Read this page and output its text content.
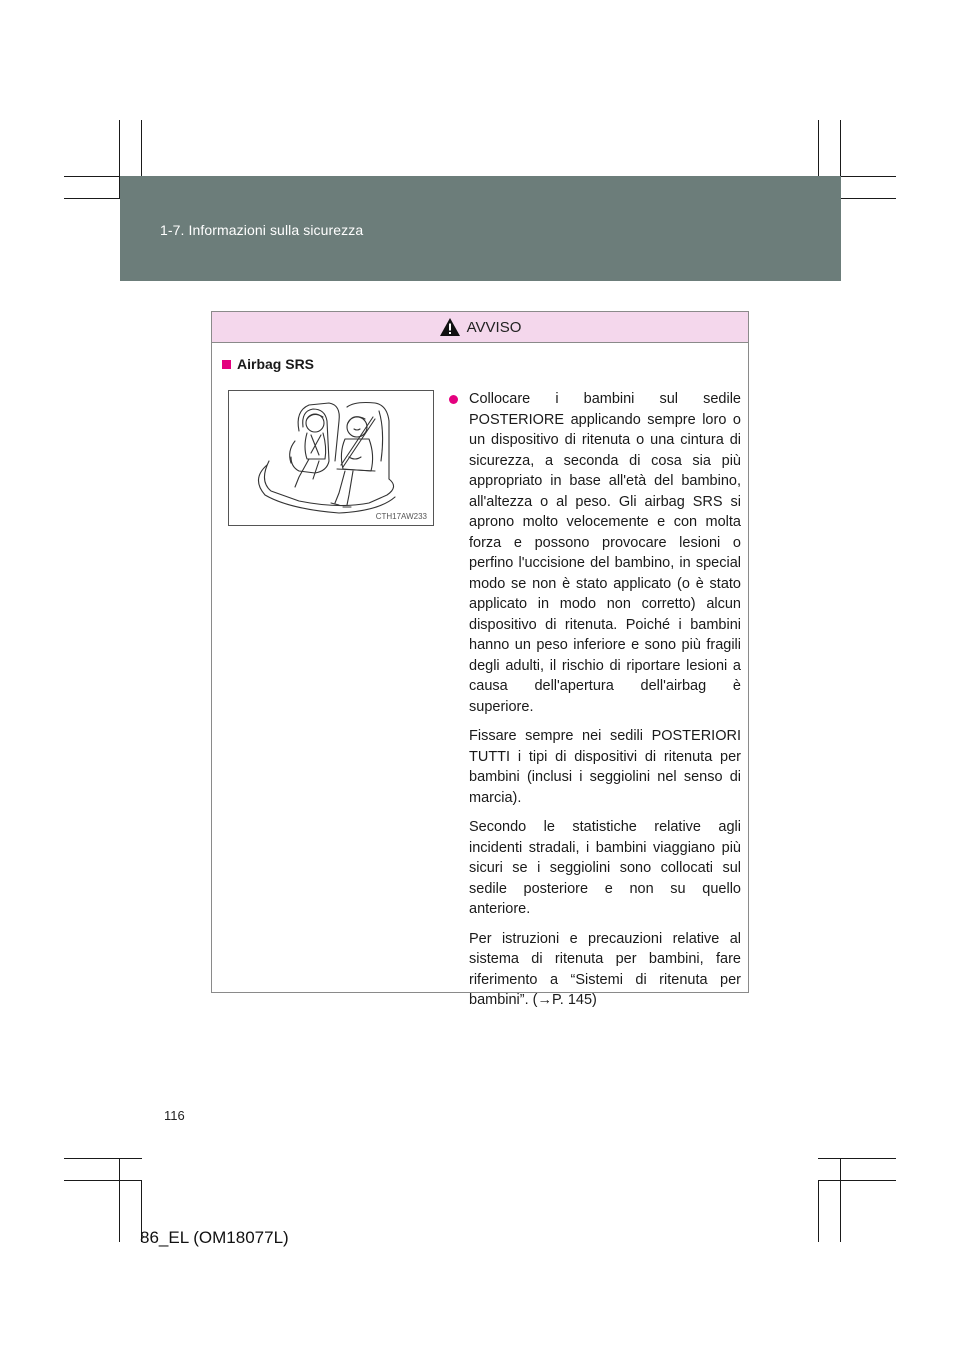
1-7. Informazioni sulla sicurezza
AVVISO
Airbag SRS
CTH17AW233

Collocare i bambini sul sedile POSTERIORE applicando sempre loro o un dispositivo di ritenuta o una cintura di sicurezza, a seconda di cosa sia più appropriato in base all'età del bambino, all'altezza o al peso. Gli airbag SRS si aprono molto velocemente e con molta forza e possono provocare lesioni o perfino l'uccisione del bambino, in special modo se non è stato applicato (o è stato applicato in modo non corretto) alcun dispositivo di ritenuta. Poiché i bambini hanno un peso inferiore e sono più fragili degli adulti, il rischio di riportare lesioni a causa dell'apertura dell'airbag è superiore.

Fissare sempre nei sedili POSTERIORI TUTTI i tipi di dispositivi di ritenuta per bambini (inclusi i seggiolini nel senso di marcia).

Secondo le statistiche relative agli incidenti stradali, i bambini viaggiano più sicuri se i seggiolini sono collocati sul sedile posteriore e non su quello anteriore.

Per istruzioni e precauzioni relative al sistema di ritenuta per bambini, fare riferimento a “Sistemi di ritenuta per bambini”. (→P. 145)

116
86_EL (OM18077L)
